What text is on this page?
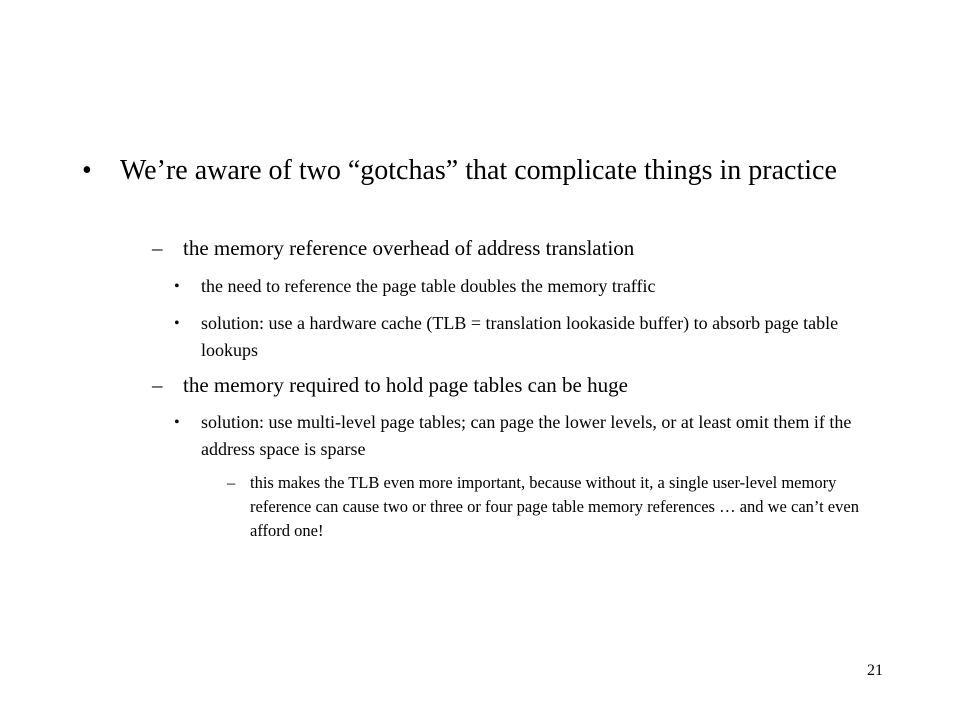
•	We’re aware of two “gotchas” that complicate things in practice
– the memory reference overhead of address translation
•	the need to reference the page table doubles the memory traffic
•	solution: use a hardware cache (TLB = translation lookaside buffer) to absorb page table lookups
– the memory required to hold page tables can be huge
•	solution: use multi-level page tables; can page the lower levels, or at least omit them if the address space is sparse
– this makes the TLB even more important, because without it, a single user-level memory reference can cause two or three or four page table memory references … and we can’t even afford one!
21
